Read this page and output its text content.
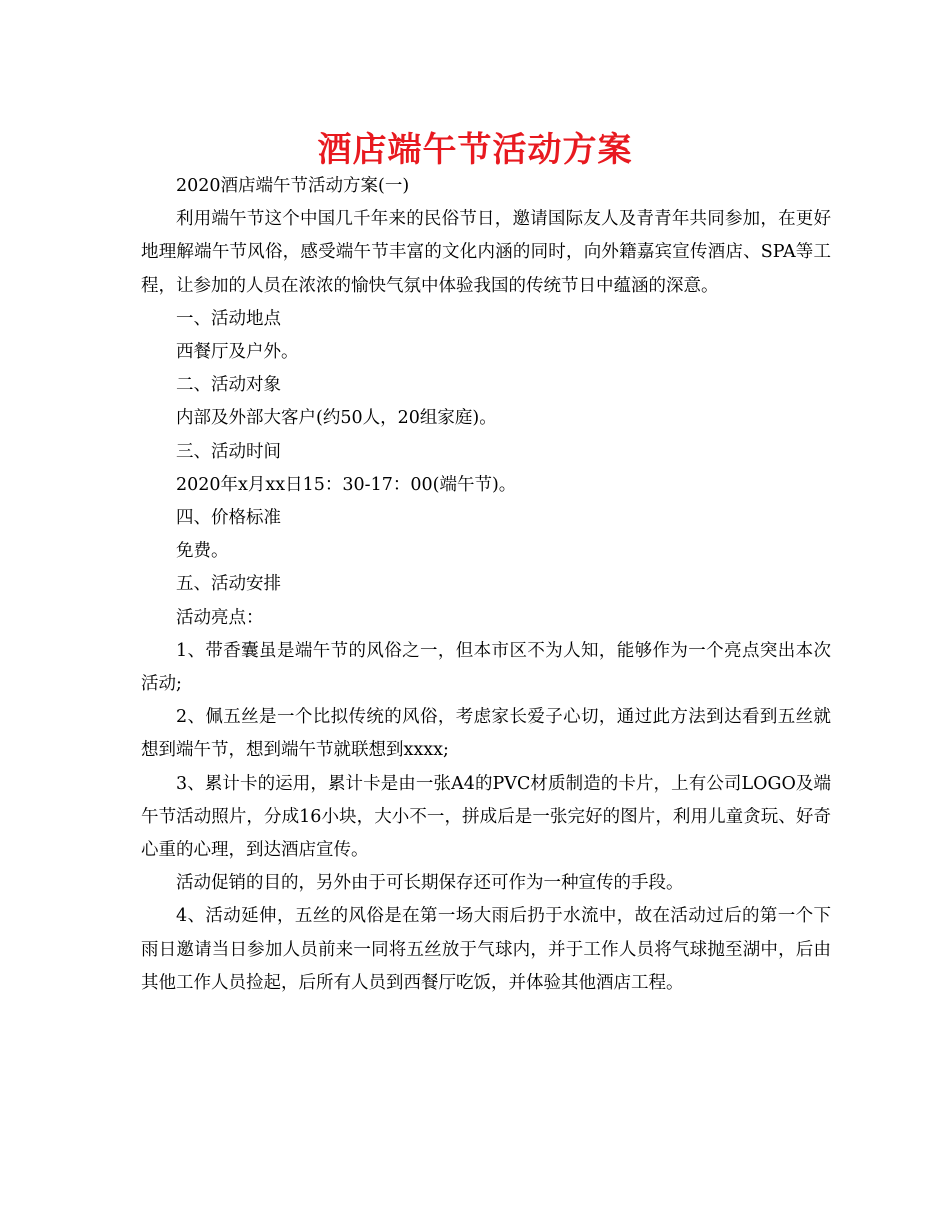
酒店端午节活动方案

2020酒店端午节活动方案(一)

利用端午节这个中国几千年来的民俗节日，邀请国际友人及青青年共同参加，在更好地理解端午节风俗，感受端午节丰富的文化内涵的同时，向外籍嘉宾宣传酒店、SPA等工程，让参加的人员在浓浓的愉快气氛中体验我国的传统节日中蕴涵的深意。

一、活动地点

西餐厅及户外。

二、活动对象

内部及外部大客户(约50人，20组家庭)。

三、活动时间

2020年x月xx日15：30-17：00(端午节)。

四、价格标准

免费。

五、活动安排

活动亮点：

1、带香囊虽是端午节的风俗之一，但本市区不为人知，能够作为一个亮点突出本次活动;

2、佩五丝是一个比拟传统的风俗，考虑家长爱子心切，通过此方法到达看到五丝就想到端午节，想到端午节就联想到xxxx;

3、累计卡的运用，累计卡是由一张A4的PVC材质制造的卡片，上有公司LOGO及端午节活动照片，分成16小块，大小不一，拼成后是一张完好的图片，利用儿童贪玩、好奇心重的心理，到达酒店宣传。

活动促销的目的，另外由于可长期保存还可作为一种宣传的手段。

4、活动延伸，五丝的风俗是在第一场大雨后扔于水流中，故在活动过后的第一个下雨日邀请当日参加人员前来一同将五丝放于气球内，并于工作人员将气球抛至湖中，后由其他工作人员捡起，后所有人员到西餐厅吃饭，并体验其他酒店工程。
